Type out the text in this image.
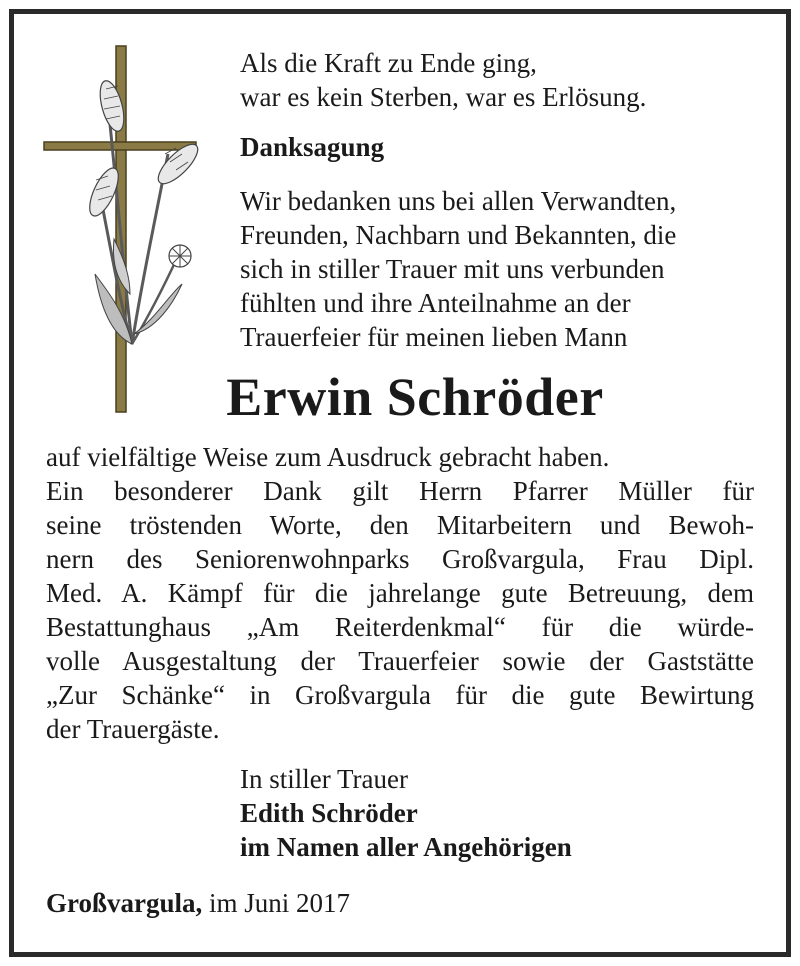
Als die Kraft zu Ende ging,

war es kein Sterben, war es Erlösung.

Danksagung

Wir bedanken uns bei allen Verwandten,

Freunden, Nachbarn und Bekannten, die

sich in stiller Trauer mit uns verbunden

fühlten und ihre Anteilnahme an der

Trauerfeier für meinen lieben Mann

Erwin Schröder
auf vielfältige Weise zum Ausdruck gebracht haben.
Ein besonderer Dank gilt Herrn Pfarrer Müller für
seine tröstenden Worte, den Mitarbeitern und Bewoh-
nern des Seniorenwohnparks Großvargula, Frau Dipl.
Med. A. Kämpf für die jahrelange gute Betreuung, dem
Bestattunghaus „Am Reiterdenkmal“ für die würde-
volle Ausgestaltung der Trauerfeier sowie der Gaststätte
„Zur Schänke“ in Großvargula für die gute Bewirtung
der Trauergäste.

In stiller Trauer

Edith Schröder

im Namen aller Angehörigen

Großvargula, im Juni 2017
